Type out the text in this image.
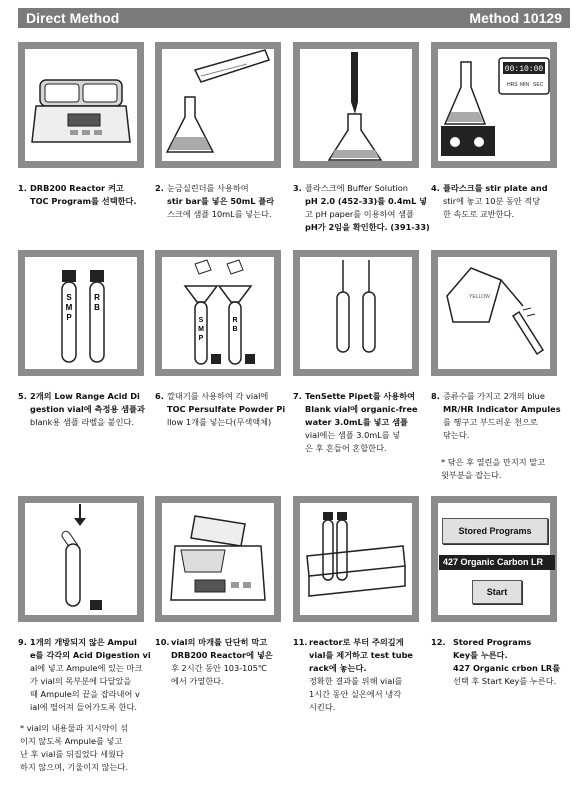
Direct Method	Method 10129
00:10:00
HRS MIN SEC
1. DRB200 Reactor 켜고
TOC Program를 선택한다.
2. 눈금실린더를 사용하여
stir bar를 넣은 50mL 플라
스크에 샘플 10mL를 넣는다.
3. 플라스크에 Buffer Solution
pH 2.0 (452-33)를 0.4mL 넣
고 pH paper를 이용하여 샘플
pH가 2임을 확인한다. (391-33)
4. 플라스크를 stir plate and
stir에 놓고 10분 동안 적당
한 속도로 교반한다.
S
M
P
R
B
S
M
P
R
B
YELLOW
5. 2개의 Low Range Acid Di
gestion vial에 측정용 샘플과
blank용 샘플 라벨을 붙인다.
6. 깔대기를 사용하여 각 vial에
TOC Persulfate Powder Pi
llow 1개를 넣는다(무색액체)
7. TenSette Pipet를 사용하여
Blank vial에 organic-free
water 3.0mL를 넣고 샘플
vial에는 샘플 3.0mL를 넣
은 후 흔들어 혼합한다.
8. 증류수를 가지고 2개의 blue
MR/HR Indicator Ampules
를 헹구고 부드러운 천으로
닦는다.
* 닦은 후 열린을 만지지 말고
윗부분을 잡는다.
Stored Programs
427 Organic Carbon LR
Start
9. 1개의 개방되지 않은 Ampul
e를 각각의 Acid Digestion vi
al에 넣고 Ampule에 있는 마크
가 vial의 목부분에 다달았을
때 Ampule의 끝을 잡라내어 v
ial에 떨어져 들어가도록 한다.
* vial의 내용물과 지시약이 섞
이지 않도록 Ampule를 넣고
난 후 vial를 뒤집었다 세웠다
하지 않으며, 기울이지 않는다.
10. vial의 마개를 단단히 막고
DRB200 Reactor에 넣은
후 2시간 동안 103-105℃
에서 가열한다.
11. reactor로 부터 주의깊게
vial를 제거하고 test tube
rack에 놓는다.
정확한 결과를 위해 vial를
1시간 동안 실온에서 냉각
시킨다.
12. Stored Programs
Key를 누른다.
427 Organic crbon LR를
선택 후 Start Key를 누른다.
